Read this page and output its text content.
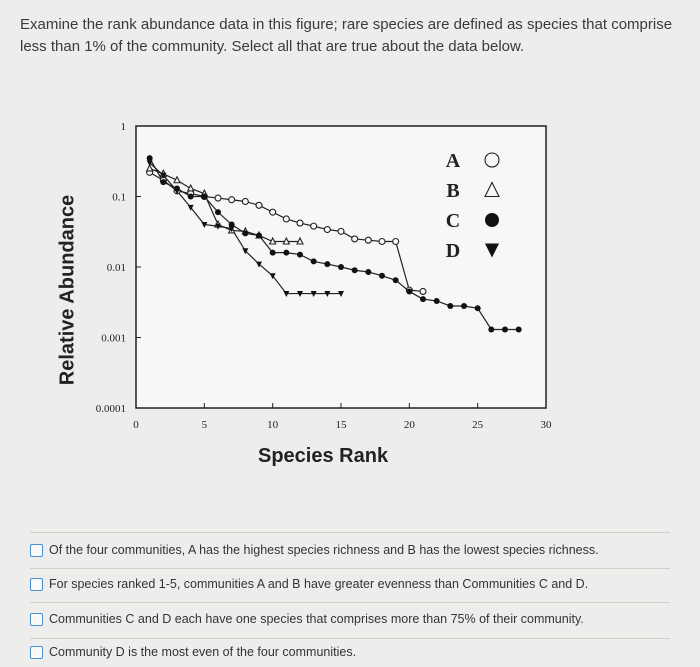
Examine the rank abundance data in this figure; rare species are defined as species that comprise less than 1% of the community. Select all that are true about the data below.
0	5	10	15	20	25	30
1
0.1
0.01
0.001
0.0001
A
B
C
D
Relative Abundance
Species Rank
Of the four communities, A has the highest species richness and B has the lowest species richness.
For species ranked 1-5, communities A and B have greater evenness than Communities C and D.
Communities C and D each have one species that comprises more than 75% of their community.
Community D is the most even of the four communities.
